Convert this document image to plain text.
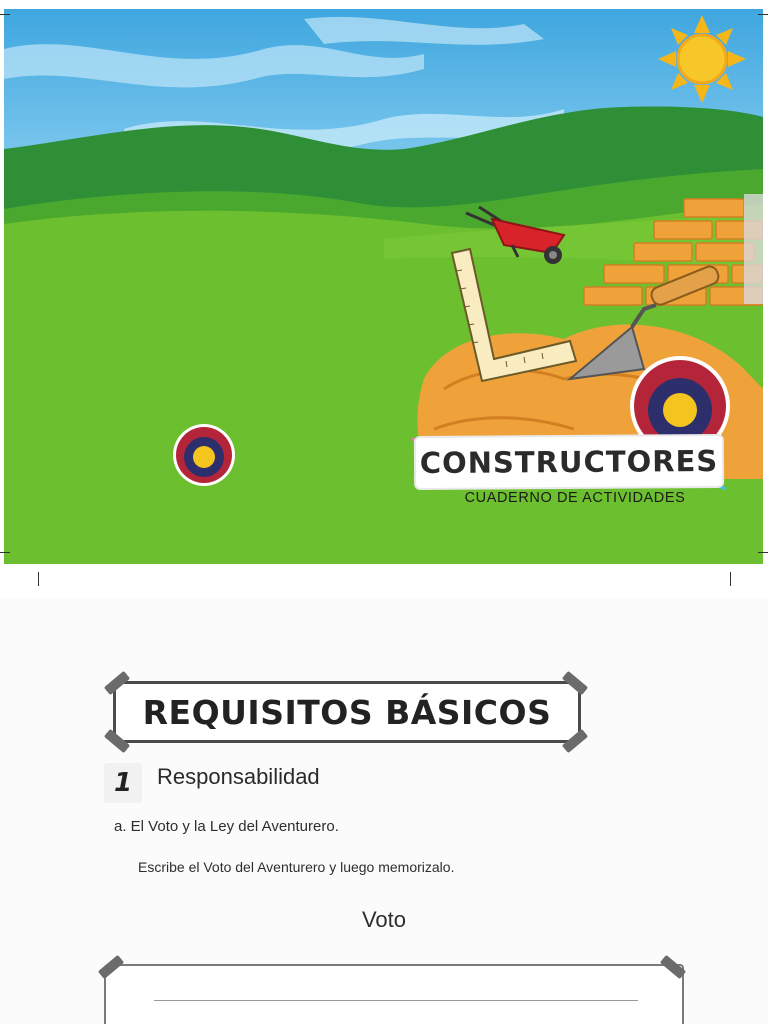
CONSTRUCTORES
CUADERNO DE ACTIVIDADES
REQUISITOS BÁSICOS
1 Responsabilidad
a. El Voto y la Ley del Aventurero.
Escribe el Voto del Aventurero y luego memorizalo.
Voto
